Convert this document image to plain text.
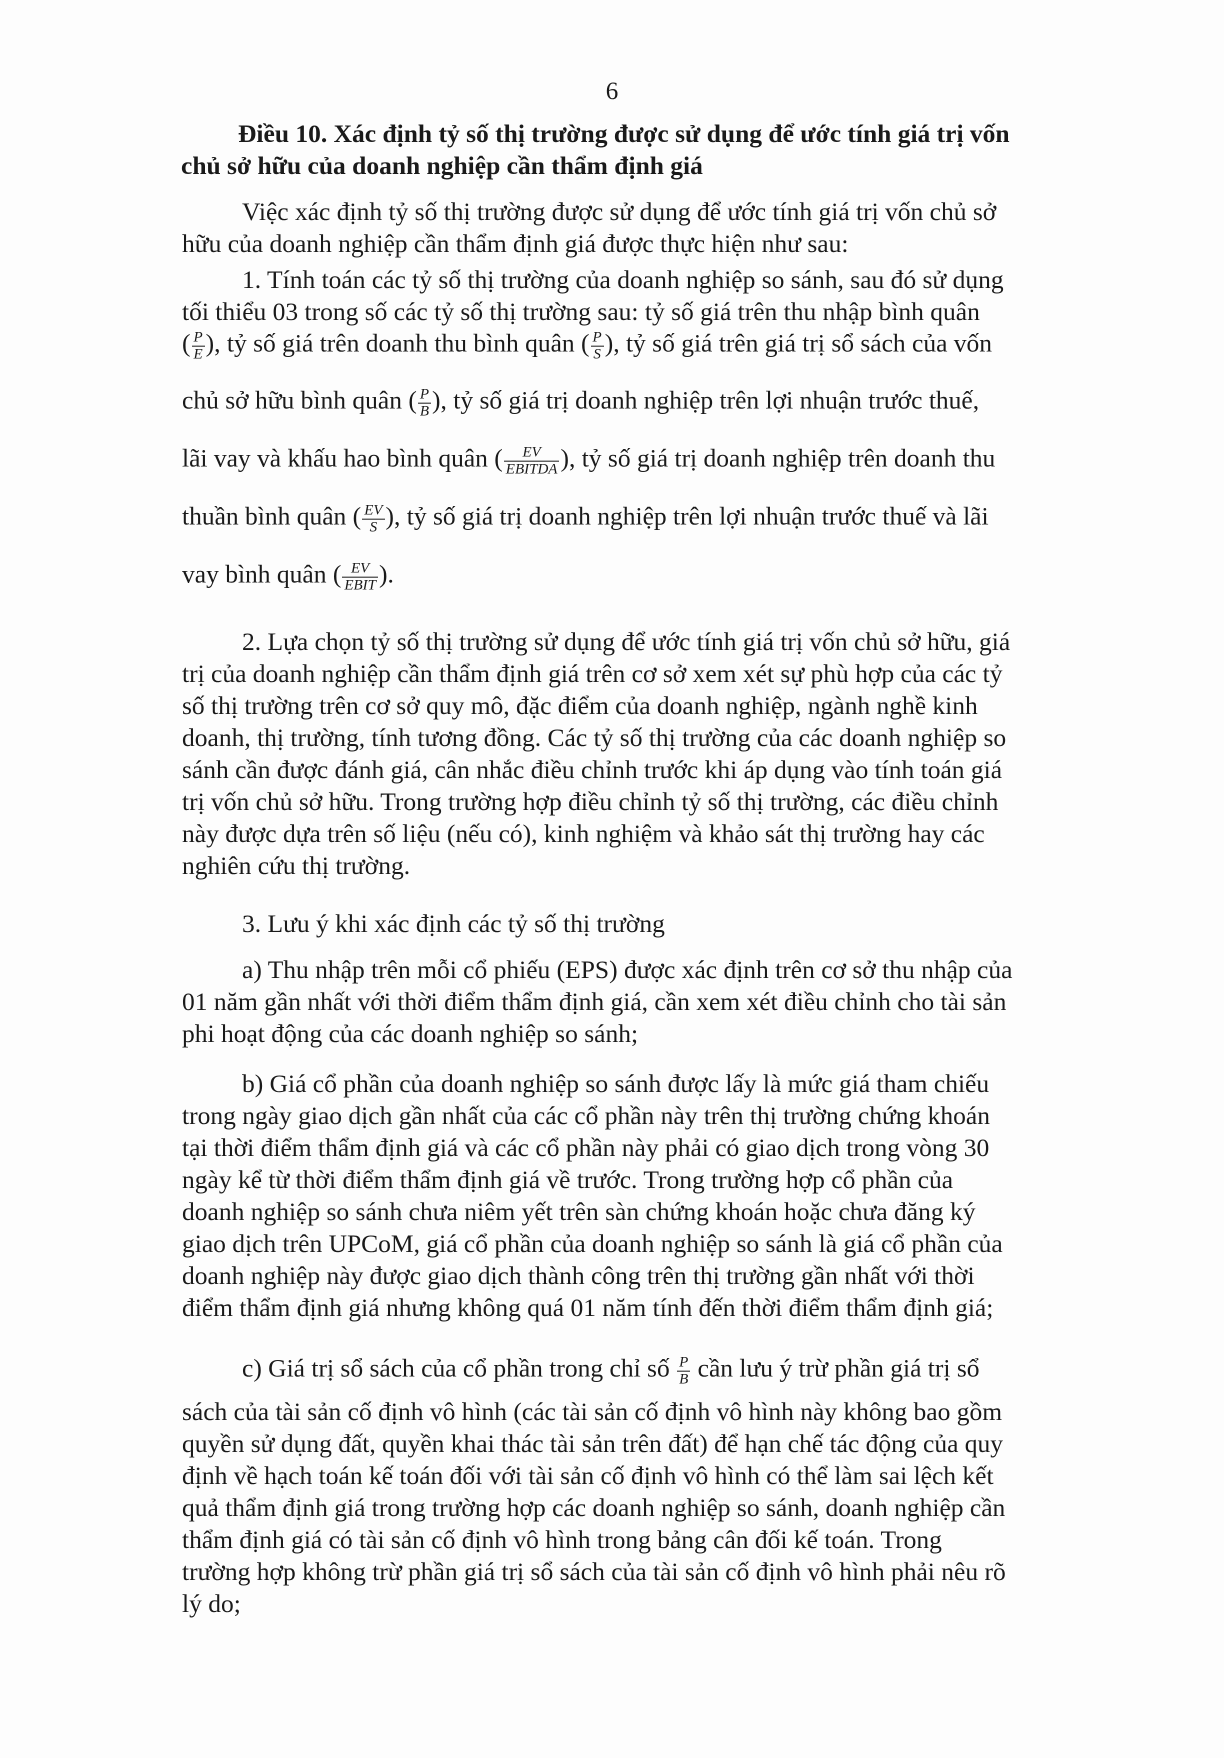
6
Điều 10. Xác định tỷ số thị trường được sử dụng để ước tính giá trị vốn
chủ sở hữu của doanh nghiệp cần thẩm định giá
Việc xác định tỷ số thị trường được sử dụng để ước tính giá trị vốn chủ sở
hữu của doanh nghiệp cần thẩm định giá được thực hiện như sau:
1. Tính toán các tỷ số thị trường của doanh nghiệp so sánh, sau đó sử dụng
tối thiểu 03 trong số các tỷ số thị trường sau: tỷ số giá trên thu nhập bình quân
( $\frac{P}{E}$ ), tỷ số giá trên doanh thu bình quân ( $\frac{P}{S}$ ), tỷ số giá trên giá trị sổ sách của vốn
chủ sở hữu bình quân ( $\frac{P}{B}$ ), tỷ số giá trị doanh nghiệp trên lợi nhuận trước thuế,
lãi vay và khấu hao bình quân ( $\frac{EV}{\text{EBITDA}}$ ), tỷ số giá trị doanh nghiệp trên doanh thu
thuần bình quân ( $\frac{EV}{S}$ ), tỷ số giá trị doanh nghiệp trên lợi nhuận trước thuế và lãi
vay bình quân ( $\frac{EV}{\text{EBIT}}$ ).
2. Lựa chọn tỷ số thị trường sử dụng để ước tính giá trị vốn chủ sở hữu, giá
trị của doanh nghiệp cần thẩm định giá trên cơ sở xem xét sự phù hợp của các tỷ
số thị trường trên cơ sở quy mô, đặc điểm của doanh nghiệp, ngành nghề kinh
doanh, thị trường, tính tương đồng. Các tỷ số thị trường của các doanh nghiệp so
sánh cần được đánh giá, cân nhắc điều chỉnh trước khi áp dụng vào tính toán giá
trị vốn chủ sở hữu. Trong trường hợp điều chỉnh tỷ số thị trường, các điều chỉnh
này được dựa trên số liệu (nếu có), kinh nghiệm và khảo sát thị trường hay các
nghiên cứu thị trường.
3. Lưu ý khi xác định các tỷ số thị trường
a) Thu nhập trên mỗi cổ phiếu (EPS) được xác định trên cơ sở thu nhập của
01 năm gần nhất với thời điểm thẩm định giá, cần xem xét điều chỉnh cho tài sản
phi hoạt động của các doanh nghiệp so sánh;
b) Giá cổ phần của doanh nghiệp so sánh được lấy là mức giá tham chiếu
trong ngày giao dịch gần nhất của các cổ phần này trên thị trường chứng khoán
tại thời điểm thẩm định giá và các cổ phần này phải có giao dịch trong vòng 30
ngày kể từ thời điểm thẩm định giá về trước. Trong trường hợp cổ phần của
doanh nghiệp so sánh chưa niêm yết trên sàn chứng khoán hoặc chưa đăng ký
giao dịch trên UPCoM, giá cổ phần của doanh nghiệp so sánh là giá cổ phần của
doanh nghiệp này được giao dịch thành công trên thị trường gần nhất với thời
điểm thẩm định giá nhưng không quá 01 năm tính đến thời điểm thẩm định giá;
c) Giá trị sổ sách của cổ phần trong chỉ số $\frac{P}{B}$ cần lưu ý trừ phần giá trị sổ
sách của tài sản cố định vô hình (các tài sản cố định vô hình này không bao gồm
quyền sử dụng đất, quyền khai thác tài sản trên đất) để hạn chế tác động của quy
định về hạch toán kế toán đối với tài sản cố định vô hình có thể làm sai lệch kết
quả thẩm định giá trong trường hợp các doanh nghiệp so sánh, doanh nghiệp cần
thẩm định giá có tài sản cố định vô hình trong bảng cân đối kế toán. Trong
trường hợp không trừ phần giá trị sổ sách của tài sản cố định vô hình phải nêu rõ
lý do;
